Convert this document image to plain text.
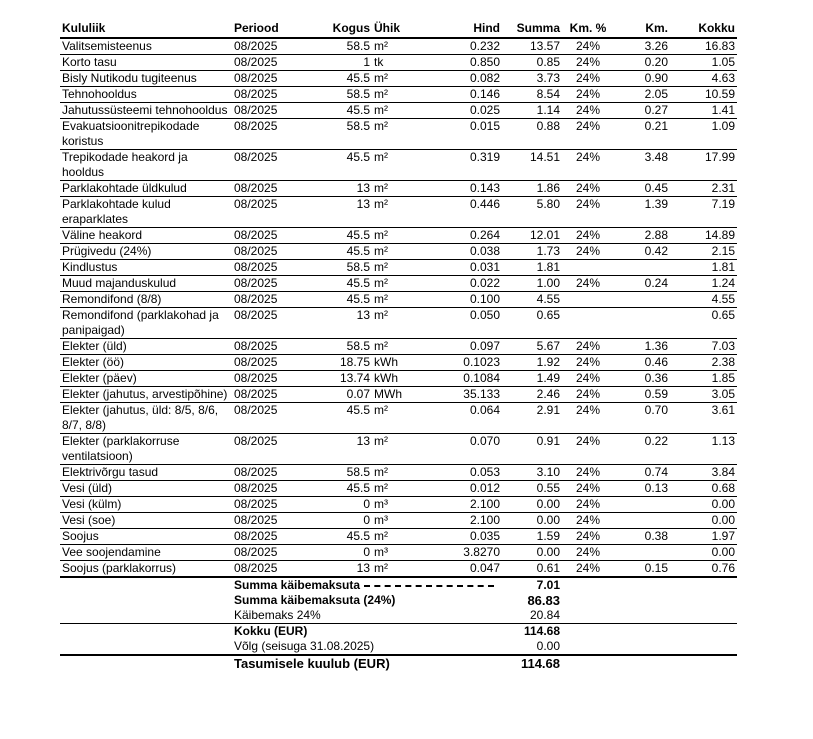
Kululiik	Periood	Kogus	Ühik	Hind	Summa	Km. %	Km.	Kokku
Valitsemisteenus	08/2025	58.5	m²	0.232	13.57	24%	3.26	16.83
Korto tasu	08/2025	1	tk	0.850	0.85	24%	0.20	1.05
Bisly Nutikodu tugiteenus	08/2025	45.5	m²	0.082	3.73	24%	0.90	4.63
Tehnohooldus	08/2025	58.5	m²	0.146	8.54	24%	2.05	10.59
Jahutussüsteemi tehnohooldus	08/2025	45.5	m²	0.025	1.14	24%	0.27	1.41
Evakuatsioonitrepikodade koristus	08/2025	58.5	m²	0.015	0.88	24%	0.21	1.09
Trepikodade heakord ja hooldus	08/2025	45.5	m²	0.319	14.51	24%	3.48	17.99
Parklakohtade üldkulud	08/2025	13	m²	0.143	1.86	24%	0.45	2.31
Parklakohtade kulud eraparklates	08/2025	13	m²	0.446	5.80	24%	1.39	7.19
Väline heakord	08/2025	45.5	m²	0.264	12.01	24%	2.88	14.89
Prügivedu (24%)	08/2025	45.5	m²	0.038	1.73	24%	0.42	2.15
Kindlustus	08/2025	58.5	m²	0.031	1.81			1.81
Muud majanduskulud	08/2025	45.5	m²	0.022	1.00	24%	0.24	1.24
Remondifond (8/8)	08/2025	45.5	m²	0.100	4.55			4.55
Remondifond (parklakohad ja panipaigad)	08/2025	13	m²	0.050	0.65			0.65
Elekter (üld)	08/2025	58.5	m²	0.097	5.67	24%	1.36	7.03
Elekter (öö)	08/2025	18.75	kWh	0.1023	1.92	24%	0.46	2.38
Elekter (päev)	08/2025	13.74	kWh	0.1084	1.49	24%	0.36	1.85
Elekter (jahutus, arvestipõhine)	08/2025	0.07	MWh	35.133	2.46	24%	0.59	3.05
Elekter (jahutus, üld: 8/5, 8/6, 8/7, 8/8)	08/2025	45.5	m²	0.064	2.91	24%	0.70	3.61
Elekter (parklakorruse ventilatsioon)	08/2025	13	m²	0.070	0.91	24%	0.22	1.13
Elektrivõrgu tasud	08/2025	58.5	m²	0.053	3.10	24%	0.74	3.84
Vesi (üld)	08/2025	45.5	m²	0.012	0.55	24%	0.13	0.68
Vesi (külm)	08/2025	0	m³	2.100	0.00	24%		0.00
Vesi (soe)	08/2025	0	m³	2.100	0.00	24%		0.00
Soojus	08/2025	45.5	m²	0.035	1.59	24%	0.38	1.97
Vee soojendamine	08/2025	0	m³	3.8270	0.00	24%		0.00
Soojus (parklakorrus)	08/2025	13	m²	0.047	0.61	24%	0.15	0.76
	Summa käibemaksuta				7.01			
	Summa käibemaksuta (24%)				86.83			
	Käibemaks 24%				20.84			
	Kokku (EUR)				114.68			
	Võlg (seisuga 31.08.2025)				0.00			
	Tasumisele kuulub (EUR)				114.68			
